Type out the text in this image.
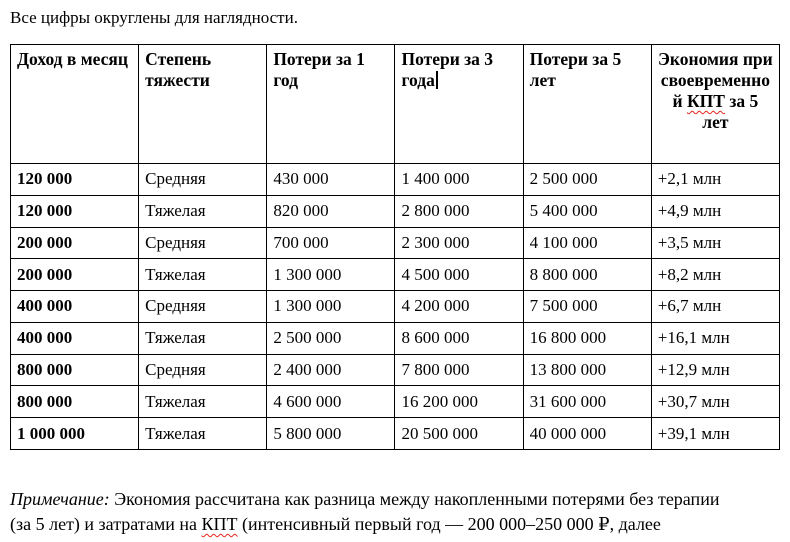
Все цифры округлены для наглядности.

Доход в месяц	Степень тяжести	Потери за 1 год	Потери за 3 года	Потери за 5 лет	Экономия при своевременной КПТ за 5 лет
120 000	Средняя	430 000	1 400 000	2 500 000	+2,1 млн
120 000	Тяжелая	820 000	2 800 000	5 400 000	+4,9 млн
200 000	Средняя	700 000	2 300 000	4 100 000	+3,5 млн
200 000	Тяжелая	1 300 000	4 500 000	8 800 000	+8,2 млн
400 000	Средняя	1 300 000	4 200 000	7 500 000	+6,7 млн
400 000	Тяжелая	2 500 000	8 600 000	16 800 000	+16,1 млн
800 000	Средняя	2 400 000	7 800 000	13 800 000	+12,9 млн
800 000	Тяжелая	4 600 000	16 200 000	31 600 000	+30,7 млн
1 000 000	Тяжелая	5 800 000	20 500 000	40 000 000	+39,1 млн

Примечание: Экономия рассчитана как разница между накопленными потерями без терапии
(за 5 лет) и затратами на КПТ (интенсивный первый год — 200 000–250 000 ₽, далее
